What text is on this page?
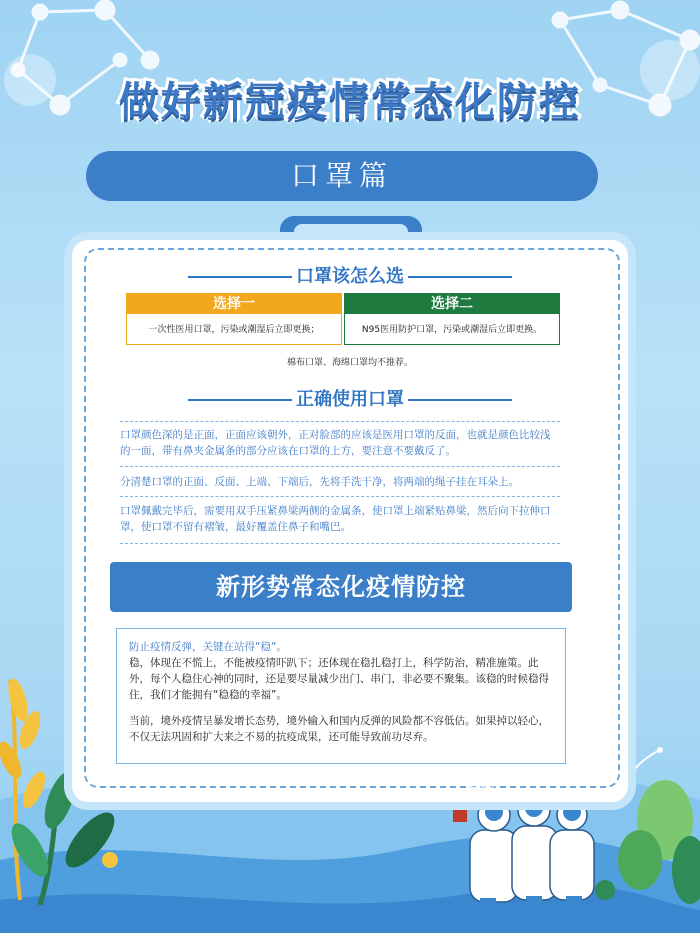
做好新冠疫情常态化防控
口罩篇
口罩该怎么选
选择一
一次性医用口罩，污染或潮湿后立即更换；
选择二
N95医用防护口罩，污染或潮湿后立即更换。
棉布口罩、海绵口罩均不推荐。
正确使用口罩
口罩颜色深的是正面，正面应该朝外，正对脸部的应该是医用口罩的反面，也就是颜色比较浅的一面，带有鼻夹金属条的部分应该在口罩的上方，要注意不要戴反了。
分清楚口罩的正面、反面、上端、下端后，先将手洗干净，将两端的绳子挂在耳朵上。
口罩佩戴完毕后，需要用双手压紧鼻梁两侧的金属条，使口罩上端紧贴鼻梁，然后向下拉伸口罩，使口罩不留有褶皱，最好覆盖住鼻子和嘴巴。
新形势常态化疫情防控

防止疫情反弹，关键在站得“稳”。

稳，体现在不慌上，不能被疫情吓趴下；还体现在稳扎稳打上，科学防治，精准施策。此外，每个人稳住心神的同时，还是要尽量减少出门、串门，非必要不聚集。该稳的时候稳得住，我们才能拥有“稳稳的幸福”。

当前，境外疫情呈暴发增长态势，境外输入和国内反弹的风险都不容低估。如果掉以轻心，不仅无法巩固和扩大来之不易的抗疫成果，还可能导致前功尽弃。

众志成城 抗击疫情
